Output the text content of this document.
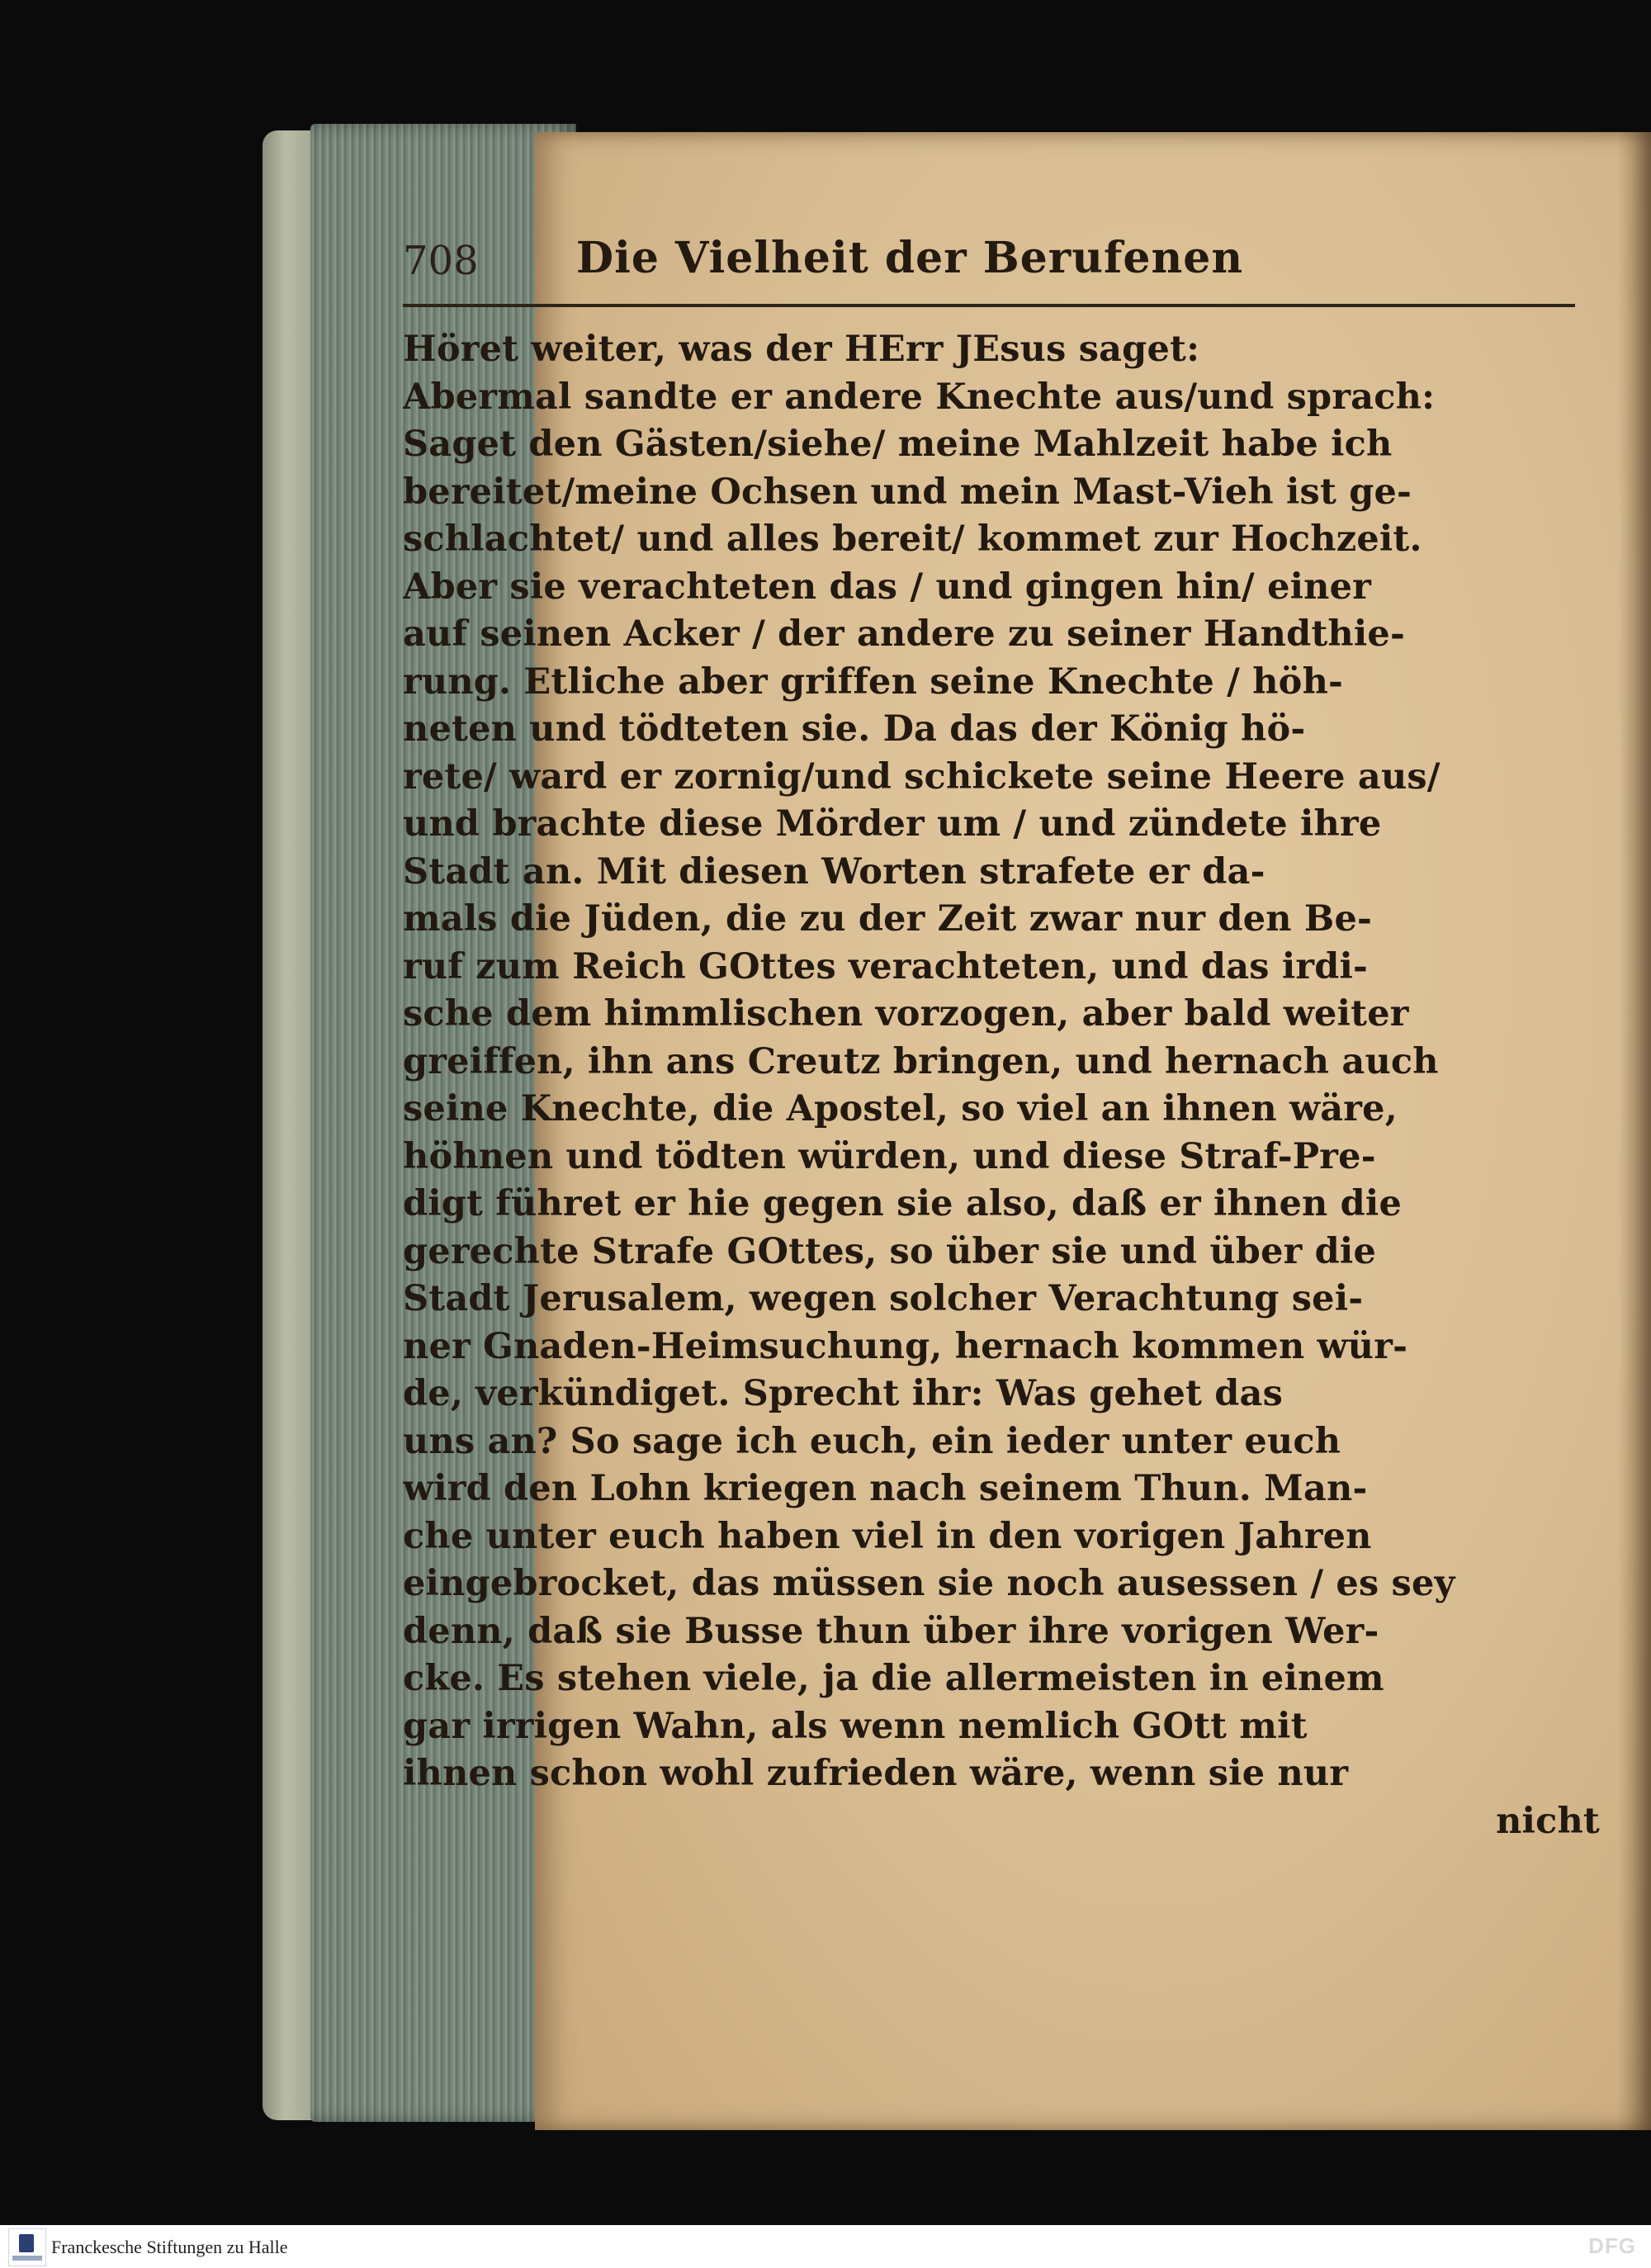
708 Die Vielheit der Berufenen
Höret weiter, was der HErr JEsus saget:
Abermal sandte er andere Knechte aus/und sprach:
Saget den Gästen/siehe/ meine Mahlzeit habe ich
bereitet/meine Ochsen und mein Mast-Vieh ist ge-
schlachtet/ und alles bereit/ kommet zur Hochzeit.
Aber sie verachteten das / und gingen hin/ einer
auf seinen Acker / der andere zu seiner Handthie-
rung. Etliche aber griffen seine Knechte / höh-
neten und tödteten sie. Da das der König hö-
rete/ ward er zornig/und schickete seine Heere aus/
und brachte diese Mörder um / und zündete ihre
Stadt an. Mit diesen Worten strafete er da-
mals die Jüden, die zu der Zeit zwar nur den Be-
ruf zum Reich GOttes verachteten, und das irdi-
sche dem himmlischen vorzogen, aber bald weiter
greiffen, ihn ans Creutz bringen, und hernach auch
seine Knechte, die Apostel, so viel an ihnen wäre,
höhnen und tödten würden, und diese Straf-Pre-
digt führet er hie gegen sie also, daß er ihnen die
gerechte Strafe GOttes, so über sie und über die
Stadt Jerusalem, wegen solcher Verachtung sei-
ner Gnaden-Heimsuchung, hernach kommen wür-
de, verkündiget. Sprecht ihr: Was gehet das
uns an? So sage ich euch, ein ieder unter euch
wird den Lohn kriegen nach seinem Thun. Man-
che unter euch haben viel in den vorigen Jahren
eingebrocket, das müssen sie noch ausessen / es sey
denn, daß sie Busse thun über ihre vorigen Wer-
cke. Es stehen viele, ja die allermeisten in einem
gar irrigen Wahn, als wenn nemlich GOtt mit
ihnen schon wohl zufrieden wäre, wenn sie nur
nicht
Franckesche Stiftungen zu Halle	DFG
